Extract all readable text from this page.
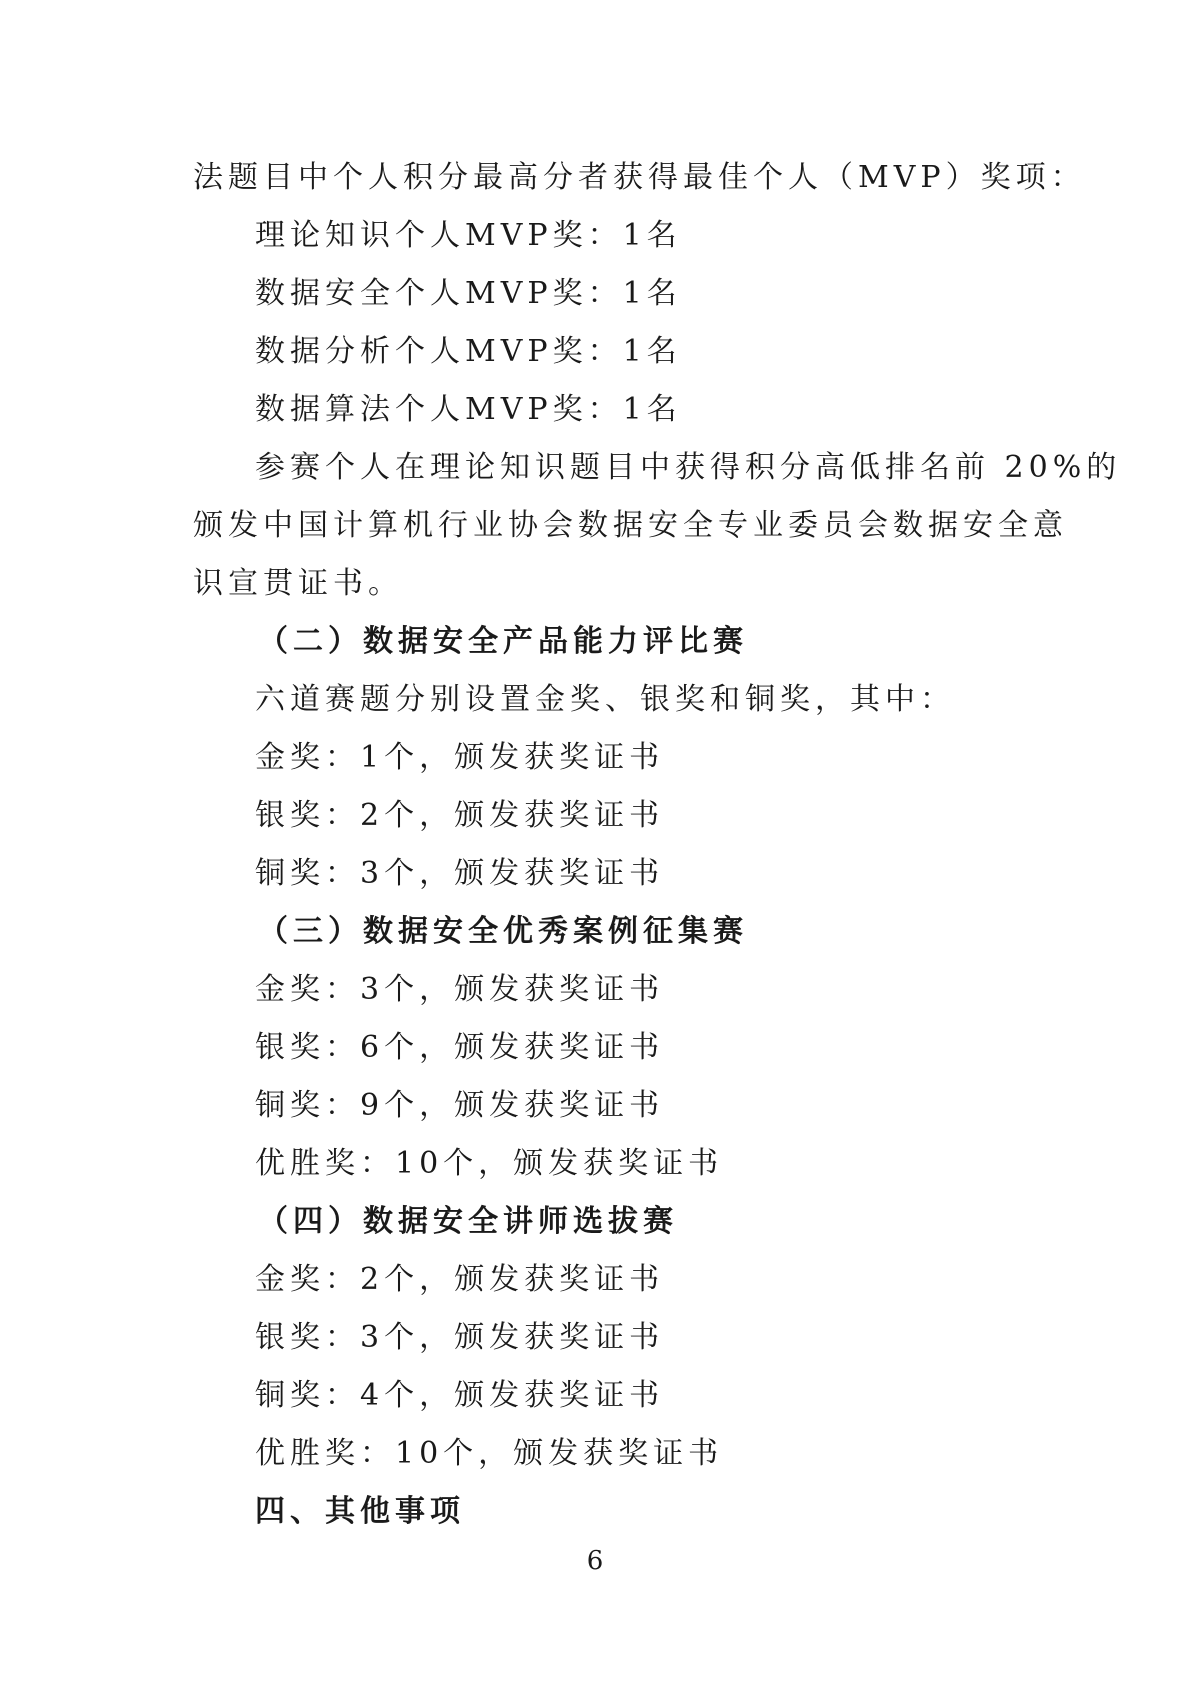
法题目中个人积分最高分者获得最佳个人（MVP）奖项：
理论知识个人MVP奖：1名
数据安全个人MVP奖：1名
数据分析个人MVP奖：1名
数据算法个人MVP奖：1名
参赛个人在理论知识题目中获得积分高低排名前 20%的
颁发中国计算机行业协会数据安全专业委员会数据安全意
识宣贯证书。
（二）数据安全产品能力评比赛
六道赛题分别设置金奖、银奖和铜奖，其中：
金奖：1个，颁发获奖证书
银奖：2个，颁发获奖证书
铜奖：3个，颁发获奖证书
（三）数据安全优秀案例征集赛
金奖：3个，颁发获奖证书
银奖：6个，颁发获奖证书
铜奖：9个，颁发获奖证书
优胜奖：10个，颁发获奖证书
（四）数据安全讲师选拔赛
金奖：2个，颁发获奖证书
银奖：3个，颁发获奖证书
铜奖：4个，颁发获奖证书
优胜奖：10个，颁发获奖证书
四、其他事项
6
